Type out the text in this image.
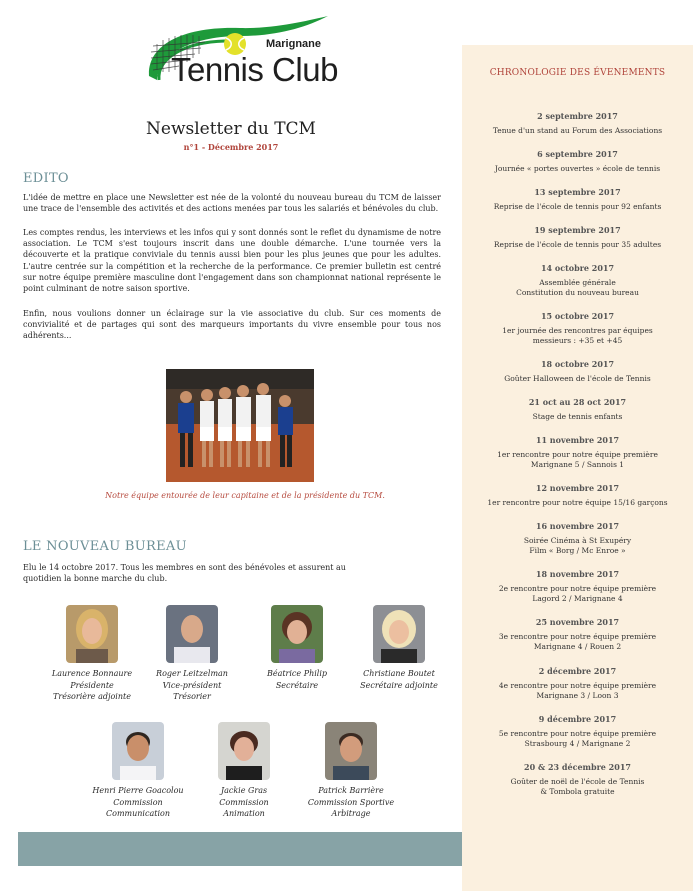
Marignane
Tennis Club
Newsletter du TCM
n°1 - Décembre 2017
EDITO

L'idée de mettre en place une Newsletter est née de la volonté du nouveau bureau du TCM de laisser une trace de l'ensemble des activités et des actions menées par tous les salariés et bénévoles du club.

Les comptes rendus, les interviews et les infos qui y sont donnés sont le reflet du dynamisme de notre association. Le TCM s'est toujours inscrit dans une double démarche. L'une tournée vers la découverte et la pratique conviviale du tennis aussi bien pour les plus jeunes que pour les adultes. L'autre centrée sur la compétition et la recherche de la performance. Ce premier bulletin est centré sur notre équipe première masculine dont l'engagement dans son championnat national représente le point culminant de notre saison sportive.

Enfin, nous voulions donner un éclairage sur la vie associative du club. Sur ces moments de convivialité et de partages qui sont des marqueurs importants du vivre ensemble pour tous nos adhérents...

Notre équipe entourée de leur capitaine et de la présidente du TCM.
LE NOUVEAU BUREAU

Elu le 14 octobre 2017. Tous les membres en sont des bénévoles et assurent au quotidien la bonne marche du club.

Laurence Bonnaure
Présidente
Trésorière adjointe
Roger Leitzelman
Vice-président
Trésorier
Béatrice Philip
Secrétaire
Christiane Boutet
Secrétaire adjointe
Henri Pierre Goacolou
Commission
Communication
Jackie Gras
Commission
Animation
Patrick Barrière
Commission Sportive
Arbitrage
CHRONOLOGIE DES ÉVENEMENTS
2 septembre 2017
Tenue d'un stand au Forum des Associations
6 septembre 2017
Journée « portes ouvertes » école de tennis
13 septembre 2017
Reprise de l'école de tennis pour 92 enfants
19 septembre 2017
Reprise de l'école de tennis pour 35 adultes
14 octobre 2017
Assemblée générale
Constitution du nouveau bureau
15 octobre 2017
1er journée des rencontres par équipes
messieurs : +35 et +45
18 octobre 2017
Goûter Halloween de l'école de Tennis
21 oct au 28 oct 2017
Stage de tennis enfants
11 novembre 2017
1er rencontre pour notre équipe première
Marignane 5 / Sannois 1
12 novembre 2017
1er rencontre pour notre équipe 15/16 garçons
16 novembre 2017
Soirée Cinéma à St Exupéry
Film « Borg / Mc Enroe »
18 novembre 2017
2e rencontre pour notre équipe première
Lagord 2 / Marignane 4
25 novembre 2017
3e rencontre pour notre équipe première
Marignane 4 / Rouen 2
2 décembre 2017
4e rencontre pour notre équipe première
Marignane 3 / Loon 3
9 décembre 2017
5e rencontre pour notre équipe première
Strasbourg 4 / Marignane 2
20 & 23 décembre 2017
Goûter de noël de l'école de Tennis
& Tombola gratuite
